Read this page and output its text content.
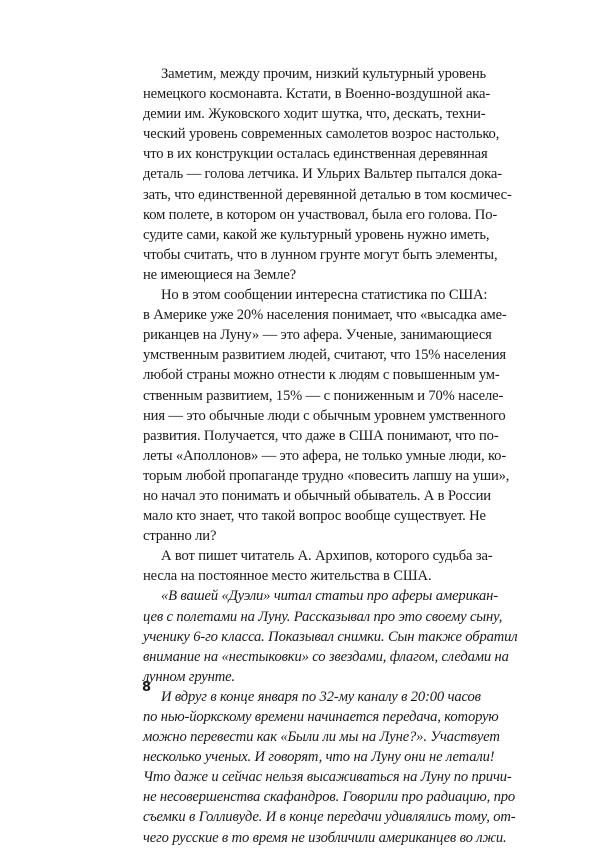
Заметим, между прочим, низкий культурный уровень
немецкого космонавта. Кстати, в Военно-воздушной ака-
демии им. Жуковского ходит шутка, что, дескать, техни-
ческий уровень современных самолетов возрос настолько,
что в их конструкции осталась единственная деревянная
деталь — голова летчика. И Ульрих Вальтер пытался дока-
зать, что единственной деревянной деталью в том космичес-
ком полете, в котором он участвовал, была его голова. По-
судите сами, какой же культурный уровень нужно иметь,
чтобы считать, что в лунном грунте могут быть элементы,
не имеющиеся на Земле?
Но в этом сообщении интересна статистика по США:
в Америке уже 20% населения понимает, что «высадка аме-
риканцев на Луну» — это афера. Ученые, занимающиеся
умственным развитием людей, считают, что 15% населения
любой страны можно отнести к людям с повышенным ум-
ственным развитием, 15% — с пониженным и 70% населе-
ния — это обычные люди с обычным уровнем умственного
развития. Получается, что даже в США понимают, что по-
леты «Аполлонов» — это афера, не только умные люди, ко-
торым любой пропаганде трудно «повесить лапшу на уши»,
но начал это понимать и обычный обыватель. А в России
мало кто знает, что такой вопрос вообще существует. Не
странно ли?
А вот пишет читатель А. Архипов, которого судьба за-
несла на постоянное место жительства в США.
«В вашей «Дуэли» читал статьи про аферы американ-
цев с полетами на Луну. Рассказывал про это своему сыну,
ученику 6-го класса. Показывал снимки. Сын также обратил
внимание на «нестыковки» со звездами, флагом, следами на
лунном грунте.
И вдруг в конце января по 32-му каналу в 20:00 часов
по нью-йоркскому времени начинается передача, которую
можно перевести как «Были ли мы на Луне?». Участвует
несколько ученых. И говорят, что на Луну они не летали!
Что даже и сейчас нельзя высаживаться на Луну по причи-
не несовершенства скафандров. Говорили про радиацию, про
съемки в Голливуде. И в конце передачи удивлялись тому, от-
чего русские в то время не изобличили американцев во лжи.
8
